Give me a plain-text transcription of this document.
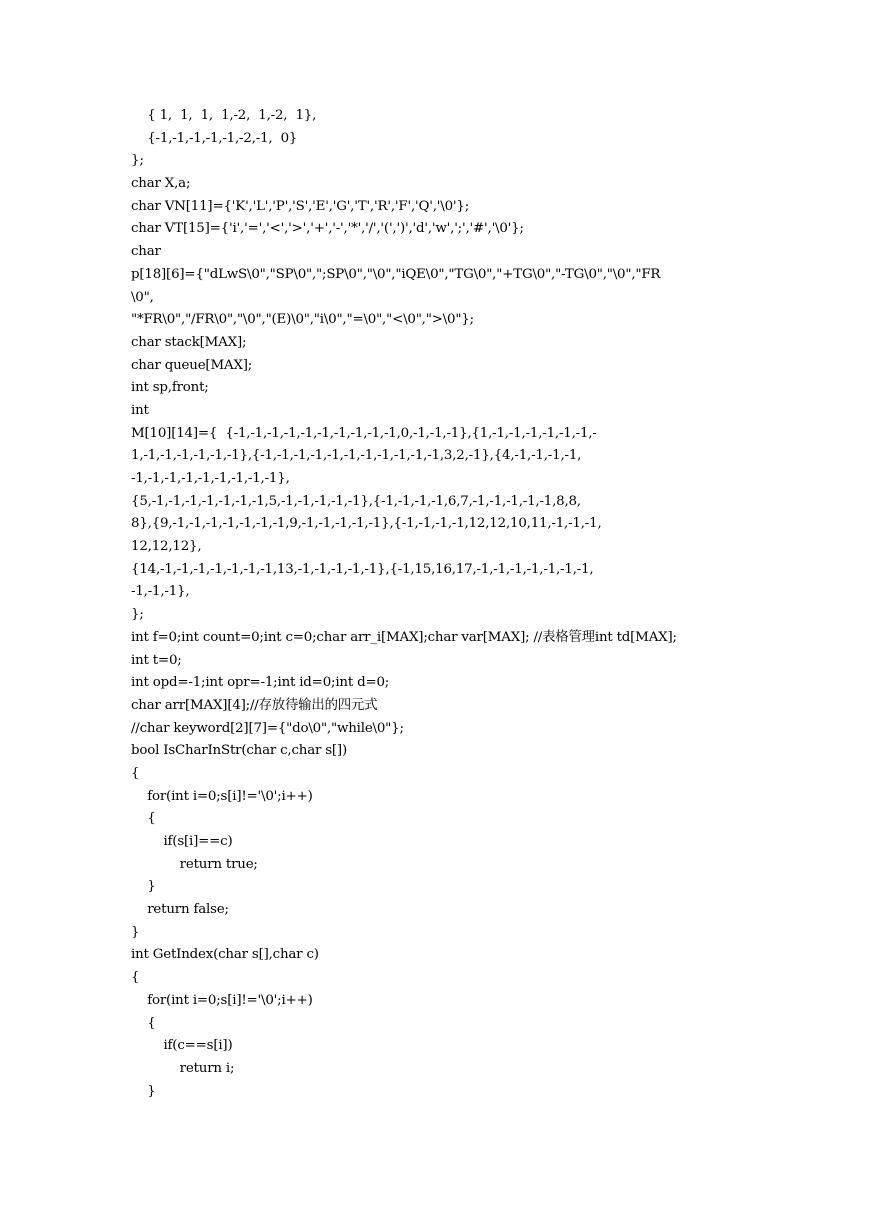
{ 1,  1,  1,  1,-2,  1,-2,  1},
{-1,-1,-1,-1,-1,-2,-1,  0}
};
char X,a;
char VN[11]={'K','L','P','S','E','G','T','R','F','Q','\0'};
char VT[15]={'i','=','<','>','+','-','*','/','(',')','d','w',';','#','\0'};
char
p[18][6]={"dLwS\0","SP\0",";SP\0","\0","iQE\0","TG\0","+TG\0","-TG\0","\0","FR
\0",
"*FR\0","/FR\0","\0","(E)\0","i\0","=\0","<\0",">\0"};
char stack[MAX];
char queue[MAX];
int sp,front;
int
M[10][14]={  {-1,-1,-1,-1,-1,-1,-1,-1,-1,-1,0,-1,-1,-1},{1,-1,-1,-1,-1,-1,-1,-
1,-1,-1,-1,-1,-1,-1},{-1,-1,-1,-1,-1,-1,-1,-1,-1,-1,-1,3,2,-1},{4,-1,-1,-1,-1,
-1,-1,-1,-1,-1,-1,-1,-1,-1},
{5,-1,-1,-1,-1,-1,-1,-1,5,-1,-1,-1,-1,-1},{-1,-1,-1,-1,6,7,-1,-1,-1,-1,-1,8,8,
8},{9,-1,-1,-1,-1,-1,-1,-1,9,-1,-1,-1,-1,-1},{-1,-1,-1,-1,12,12,10,11,-1,-1,-1,
12,12,12},
{14,-1,-1,-1,-1,-1,-1,-1,13,-1,-1,-1,-1,-1},{-1,15,16,17,-1,-1,-1,-1,-1,-1,-1,
-1,-1,-1},
};
int f=0;int count=0;int c=0;char arr_i[MAX];char var[MAX]; //表格管理int td[MAX];
int t=0;
int opd=-1;int opr=-1;int id=0;int d=0;
char arr[MAX][4];//存放待输出的四元式
//char keyword[2][7]={"do\0","while\0"};
bool IsCharInStr(char c,char s[])
{
for(int i=0;s[i]!='\0';i++)
{
if(s[i]==c)
return true;
}
return false;
}
int GetIndex(char s[],char c)
{
for(int i=0;s[i]!='\0';i++)
{
if(c==s[i])
return i;
}
